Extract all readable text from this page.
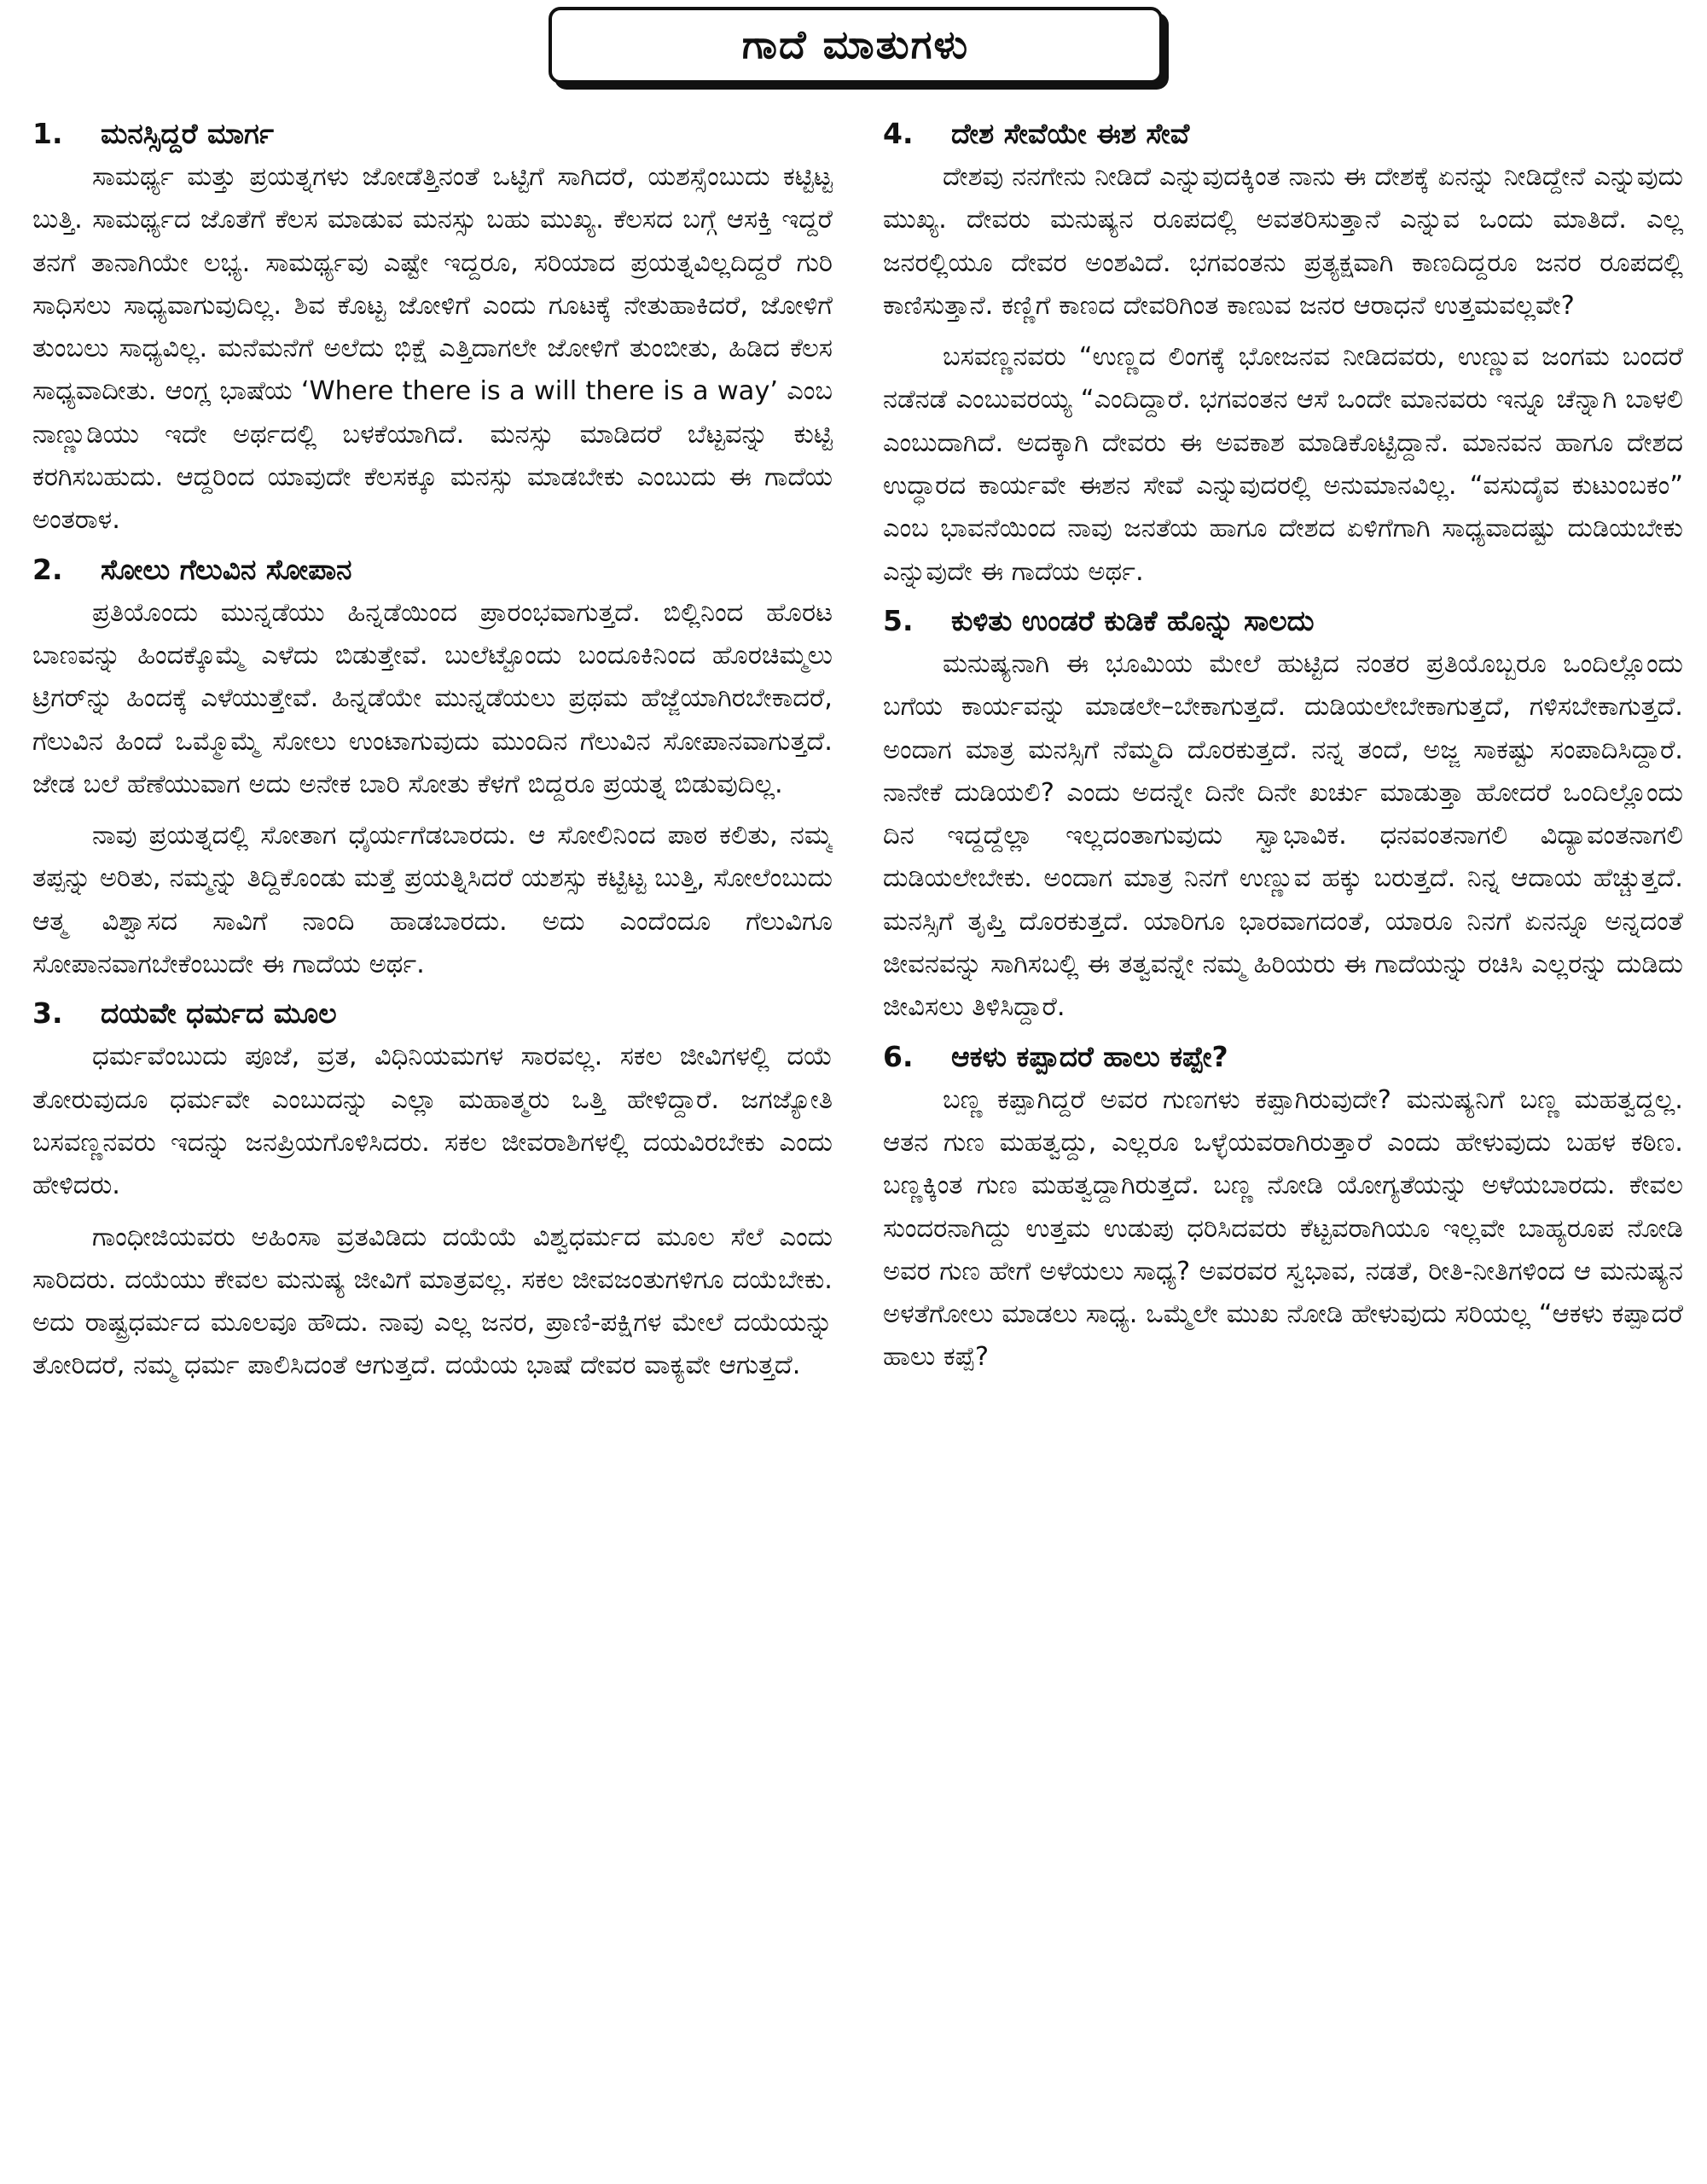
ಗಾದೆ ಮಾತುಗಳು
1.	ಮನಸ್ಸಿದ್ದರೆ ಮಾರ್ಗ

ಸಾಮರ್ಥ್ಯ ಮತ್ತು ಪ್ರಯತ್ನಗಳು ಜೋಡೆತ್ತಿನಂತೆ ಒಟ್ಟಿಗೆ ಸಾಗಿದರೆ, ಯಶಸ್ಸೆಂಬುದು ಕಟ್ಟಿಟ್ಟ ಬುತ್ತಿ. ಸಾಮರ್ಥ್ಯದ ಜೊತೆಗೆ ಕೆಲಸ ಮಾಡುವ ಮನಸ್ಸು ಬಹು ಮುಖ್ಯ. ಕೆಲಸದ ಬಗ್ಗೆ ಆಸಕ್ತಿ ಇದ್ದರೆ ತನಗೆ ತಾನಾಗಿಯೇ ಲಭ್ಯ. ಸಾಮರ್ಥ್ಯವು ಎಷ್ಟೇ ಇದ್ದರೂ, ಸರಿಯಾದ ಪ್ರಯತ್ನವಿಲ್ಲದಿದ್ದರೆ ಗುರಿ ಸಾಧಿಸಲು ಸಾಧ್ಯವಾಗುವುದಿಲ್ಲ. ಶಿವ ಕೊಟ್ಟ ಜೋಳಿಗೆ ಎಂದು ಗೂಟಕ್ಕೆ ನೇತುಹಾಕಿದರೆ, ಜೋಳಿಗೆ ತುಂಬಲು ಸಾಧ್ಯವಿಲ್ಲ. ಮನೆಮನೆಗೆ ಅಲೆದು ಭಿಕ್ಷೆ ಎತ್ತಿದಾಗಲೇ ಜೋಳಿಗೆ ತುಂಬೀತು, ಹಿಡಿದ ಕೆಲಸ ಸಾಧ್ಯವಾದೀತು. ಆಂಗ್ಲ ಭಾಷೆಯ ‘Where there is a will there is a way’ ಎಂಬ ನಾಣ್ಣುಡಿಯು ಇದೇ ಅರ್ಥದಲ್ಲಿ ಬಳಕೆಯಾಗಿದೆ. ಮನಸ್ಸು ಮಾಡಿದರೆ ಬೆಟ್ಟವನ್ನು ಕುಟ್ಟಿ ಕರಗಿಸಬಹುದು. ಆದ್ದರಿಂದ ಯಾವುದೇ ಕೆಲಸಕ್ಕೂ ಮನಸ್ಸು ಮಾಡಬೇಕು ಎಂಬುದು ಈ ಗಾದೆಯ ಅಂತರಾಳ.

2.	ಸೋಲು ಗೆಲುವಿನ ಸೋಪಾನ

ಪ್ರತಿಯೊಂದು ಮುನ್ನಡೆಯು ಹಿನ್ನಡೆಯಿಂದ ಪ್ರಾರಂಭವಾಗುತ್ತದೆ. ಬಿಲ್ಲಿನಿಂದ ಹೊರಟ ಬಾಣವನ್ನು ಹಿಂದಕ್ಕೊಮ್ಮೆ ಎಳೆದು ಬಿಡುತ್ತೇವೆ. ಬುಲೆಟ್ಟೊಂದು ಬಂದೂಕಿನಿಂದ ಹೊರಚಿಮ್ಮಲು ಟ್ರಿಗರ್‌ನ್ನು ಹಿಂದಕ್ಕೆ ಎಳೆಯುತ್ತೇವೆ. ಹಿನ್ನಡೆಯೇ ಮುನ್ನಡೆಯಲು ಪ್ರಥಮ ಹೆಜ್ಜೆಯಾಗಿರಬೇಕಾದರೆ, ಗೆಲುವಿನ ಹಿಂದೆ ಒಮ್ಮೊಮ್ಮೆ ಸೋಲು ಉಂಟಾಗುವುದು ಮುಂದಿನ ಗೆಲುವಿನ ಸೋಪಾನವಾಗುತ್ತದೆ. ಜೇಡ ಬಲೆ ಹೆಣೆಯುವಾಗ ಅದು ಅನೇಕ ಬಾರಿ ಸೋತು ಕೆಳಗೆ ಬಿದ್ದರೂ ಪ್ರಯತ್ನ ಬಿಡುವುದಿಲ್ಲ.

ನಾವು ಪ್ರಯತ್ನದಲ್ಲಿ ಸೋತಾಗ ಧೈರ್ಯಗೆಡಬಾರದು. ಆ ಸೋಲಿನಿಂದ ಪಾಠ ಕಲಿತು, ನಮ್ಮ ತಪ್ಪನ್ನು ಅರಿತು, ನಮ್ಮನ್ನು ತಿದ್ದಿಕೊಂಡು ಮತ್ತೆ ಪ್ರಯತ್ನಿಸಿದರೆ ಯಶಸ್ಸು ಕಟ್ಟಿಟ್ಟ ಬುತ್ತಿ, ಸೋಲೆಂಬುದು ಆತ್ಮ ವಿಶ್ವಾಸದ ಸಾವಿಗೆ ನಾಂದಿ ಹಾಡಬಾರದು. ಅದು ಎಂದೆಂದೂ ಗೆಲುವಿಗೂ ಸೋಪಾನವಾಗಬೇಕೆಂಬುದೇ ಈ ಗಾದೆಯ ಅರ್ಥ.

3.	ದಯವೇ ಧರ್ಮದ ಮೂಲ

ಧರ್ಮವೆಂಬುದು ಪೂಜೆ, ವ್ರತ, ವಿಧಿನಿಯಮಗಳ ಸಾರವಲ್ಲ. ಸಕಲ ಜೀವಿಗಳಲ್ಲಿ ದಯೆ ತೋರುವುದೂ ಧರ್ಮವೇ ಎಂಬುದನ್ನು ಎಲ್ಲಾ ಮಹಾತ್ಮರು ಒತ್ತಿ ಹೇಳಿದ್ದಾರೆ. ಜಗಜ್ಯೋತಿ ಬಸವಣ್ಣನವರು ಇದನ್ನು ಜನಪ್ರಿಯಗೊಳಿಸಿದರು. ಸಕಲ ಜೀವರಾಶಿಗಳಲ್ಲಿ ದಯವಿರಬೇಕು ಎಂದು ಹೇಳಿದರು.

ಗಾಂಧೀಜಿಯವರು ಅಹಿಂಸಾ ವ್ರತವಿಡಿದು ದಯೆಯೆ ವಿಶ್ವಧರ್ಮದ ಮೂಲ ಸೆಲೆ ಎಂದು ಸಾರಿದರು. ದಯೆಯು ಕೇವಲ ಮನುಷ್ಯ ಜೀವಿಗೆ ಮಾತ್ರವಲ್ಲ. ಸಕಲ ಜೀವಜಂತುಗಳಿಗೂ ದಯೆಬೇಕು. ಅದು ರಾಷ್ಟ್ರಧರ್ಮದ ಮೂಲವೂ ಹೌದು. ನಾವು ಎಲ್ಲ ಜನರ, ಪ್ರಾಣಿ-ಪಕ್ಷಿಗಳ ಮೇಲೆ ದಯೆಯನ್ನು ತೋರಿದರೆ, ನಮ್ಮ ಧರ್ಮ ಪಾಲಿಸಿದಂತೆ ಆಗುತ್ತದೆ. ದಯೆಯ ಭಾಷೆ ದೇವರ ವಾಕ್ಯವೇ ಆಗುತ್ತದೆ.

4.	ದೇಶ ಸೇವೆಯೇ ಈಶ ಸೇವೆ

ದೇಶವು ನನಗೇನು ನೀಡಿದೆ ಎನ್ನುವುದಕ್ಕಿಂತ ನಾನು ಈ ದೇಶಕ್ಕೆ ಏನನ್ನು ನೀಡಿದ್ದೇನೆ ಎನ್ನುವುದು ಮುಖ್ಯ. ದೇವರು ಮನುಷ್ಯನ ರೂಪದಲ್ಲಿ ಅವತರಿಸುತ್ತಾನೆ ಎನ್ನುವ ಒಂದು ಮಾತಿದೆ. ಎಲ್ಲ ಜನರಲ್ಲಿಯೂ ದೇವರ ಅಂಶವಿದೆ. ಭಗವಂತನು ಪ್ರತ್ಯಕ್ಷವಾಗಿ ಕಾಣದಿದ್ದರೂ ಜನರ ರೂಪದಲ್ಲಿ ಕಾಣಿಸುತ್ತಾನೆ. ಕಣ್ಣಿಗೆ ಕಾಣದ ದೇವರಿಗಿಂತ ಕಾಣುವ ಜನರ ಆರಾಧನೆ ಉತ್ತಮವಲ್ಲವೇ?

ಬಸವಣ್ಣನವರು “ಉಣ್ಣದ ಲಿಂಗಕ್ಕೆ ಭೋಜನವ ನೀಡಿದವರು, ಉಣ್ಣುವ ಜಂಗಮ ಬಂದರೆ ನಡೆನಡೆ ಎಂಬುವರಯ್ಯ “ಎಂದಿದ್ದಾರೆ. ಭಗವಂತನ ಆಸೆ ಒಂದೇ ಮಾನವರು ಇನ್ನೂ ಚೆನ್ನಾಗಿ ಬಾಳಲಿ ಎಂಬುದಾಗಿದೆ. ಅದಕ್ಕಾಗಿ ದೇವರು ಈ ಅವಕಾಶ ಮಾಡಿಕೊಟ್ಟಿದ್ದಾನೆ. ಮಾನವನ ಹಾಗೂ ದೇಶದ ಉದ್ಧಾರದ ಕಾರ್ಯವೇ ಈಶನ ಸೇವೆ ಎನ್ನುವುದರಲ್ಲಿ ಅನುಮಾನವಿಲ್ಲ. “ವಸುದೈವ ಕುಟುಂಬಕಂ” ಎಂಬ ಭಾವನೆಯಿಂದ ನಾವು ಜನತೆಯ ಹಾಗೂ ದೇಶದ ಏಳಿಗೆಗಾಗಿ ಸಾಧ್ಯವಾದಷ್ಟು ದುಡಿಯಬೇಕು ಎನ್ನುವುದೇ ಈ ಗಾದೆಯ ಅರ್ಥ.

5.	ಕುಳಿತು ಉಂಡರೆ ಕುಡಿಕೆ ಹೊನ್ನು ಸಾಲದು

ಮನುಷ್ಯನಾಗಿ ಈ ಭೂಮಿಯ ಮೇಲೆ ಹುಟ್ಟಿದ ನಂತರ ಪ್ರತಿಯೊಬ್ಬರೂ ಒಂದಿಲ್ಲೊಂದು ಬಗೆಯ ಕಾರ್ಯವನ್ನು ಮಾಡಲೇ–ಬೇಕಾಗುತ್ತದೆ. ದುಡಿಯಲೇಬೇಕಾಗುತ್ತದೆ, ಗಳಿಸಬೇಕಾಗುತ್ತದೆ. ಅಂದಾಗ ಮಾತ್ರ ಮನಸ್ಸಿಗೆ ನೆಮ್ಮದಿ ದೊರಕುತ್ತದೆ. ನನ್ನ ತಂದೆ, ಅಜ್ಜ ಸಾಕಷ್ಟು ಸಂಪಾದಿಸಿದ್ದಾರೆ. ನಾನೇಕೆ ದುಡಿಯಲಿ? ಎಂದು ಅದನ್ನೇ ದಿನೇ ದಿನೇ ಖರ್ಚು ಮಾಡುತ್ತಾ ಹೋದರೆ ಒಂದಿಲ್ಲೊಂದು ದಿನ ಇದ್ದದ್ದೆಲ್ಲಾ ಇಲ್ಲದಂತಾಗುವುದು ಸ್ವಾಭಾವಿಕ. ಧನವಂತನಾಗಲಿ ವಿದ್ಯಾವಂತನಾಗಲಿ ದುಡಿಯಲೇಬೇಕು. ಅಂದಾಗ ಮಾತ್ರ ನಿನಗೆ ಉಣ್ಣುವ ಹಕ್ಕು ಬರುತ್ತದೆ. ನಿನ್ನ ಆದಾಯ ಹೆಚ್ಚುತ್ತದೆ. ಮನಸ್ಸಿಗೆ ತೃಪ್ತಿ ದೊರಕುತ್ತದೆ. ಯಾರಿಗೂ ಭಾರವಾಗದಂತೆ, ಯಾರೂ ನಿನಗೆ ಏನನ್ನೂ ಅನ್ನದಂತೆ ಜೀವನವನ್ನು ಸಾಗಿಸಬಲ್ಲಿ ಈ ತತ್ವವನ್ನೇ ನಮ್ಮ ಹಿರಿಯರು ಈ ಗಾದೆಯನ್ನು ರಚಿಸಿ ಎಲ್ಲರನ್ನು ದುಡಿದು ಜೀವಿಸಲು ತಿಳಿಸಿದ್ದಾರೆ.

6.	ಆಕಳು ಕಪ್ಪಾದರೆ ಹಾಲು ಕಪ್ಪೇ?

ಬಣ್ಣ ಕಪ್ಪಾಗಿದ್ದರೆ ಅವರ ಗುಣಗಳು ಕಪ್ಪಾಗಿರುವುದೇ? ಮನುಷ್ಯನಿಗೆ ಬಣ್ಣ ಮಹತ್ವದ್ದಲ್ಲ. ಆತನ ಗುಣ ಮಹತ್ವದ್ದು, ಎಲ್ಲರೂ ಒಳ್ಳೆಯವರಾಗಿರುತ್ತಾರೆ ಎಂದು ಹೇಳುವುದು ಬಹಳ ಕಠಿಣ. ಬಣ್ಣಕ್ಕಿಂತ ಗುಣ ಮಹತ್ವದ್ದಾಗಿರುತ್ತದೆ. ಬಣ್ಣ ನೋಡಿ ಯೋಗ್ಯತೆಯನ್ನು ಅಳೆಯಬಾರದು. ಕೇವಲ ಸುಂದರನಾಗಿದ್ದು ಉತ್ತಮ ಉಡುಪು ಧರಿಸಿದವರು ಕೆಟ್ಟವರಾಗಿಯೂ ಇಲ್ಲವೇ ಬಾಹ್ಯರೂಪ ನೋಡಿ ಅವರ ಗುಣ ಹೇಗೆ ಅಳೆಯಲು ಸಾಧ್ಯ? ಅವರವರ ಸ್ವಭಾವ, ನಡತೆ, ರೀತಿ-ನೀತಿಗಳಿಂದ ಆ ಮನುಷ್ಯನ ಅಳತೆಗೋಲು ಮಾಡಲು ಸಾಧ್ಯ. ಒಮ್ಮೆಲೇ ಮುಖ ನೋಡಿ ಹೇಳುವುದು ಸರಿಯಲ್ಲ “ಆಕಳು ಕಪ್ಪಾದರೆ ಹಾಲು ಕಪ್ಪೆ?
